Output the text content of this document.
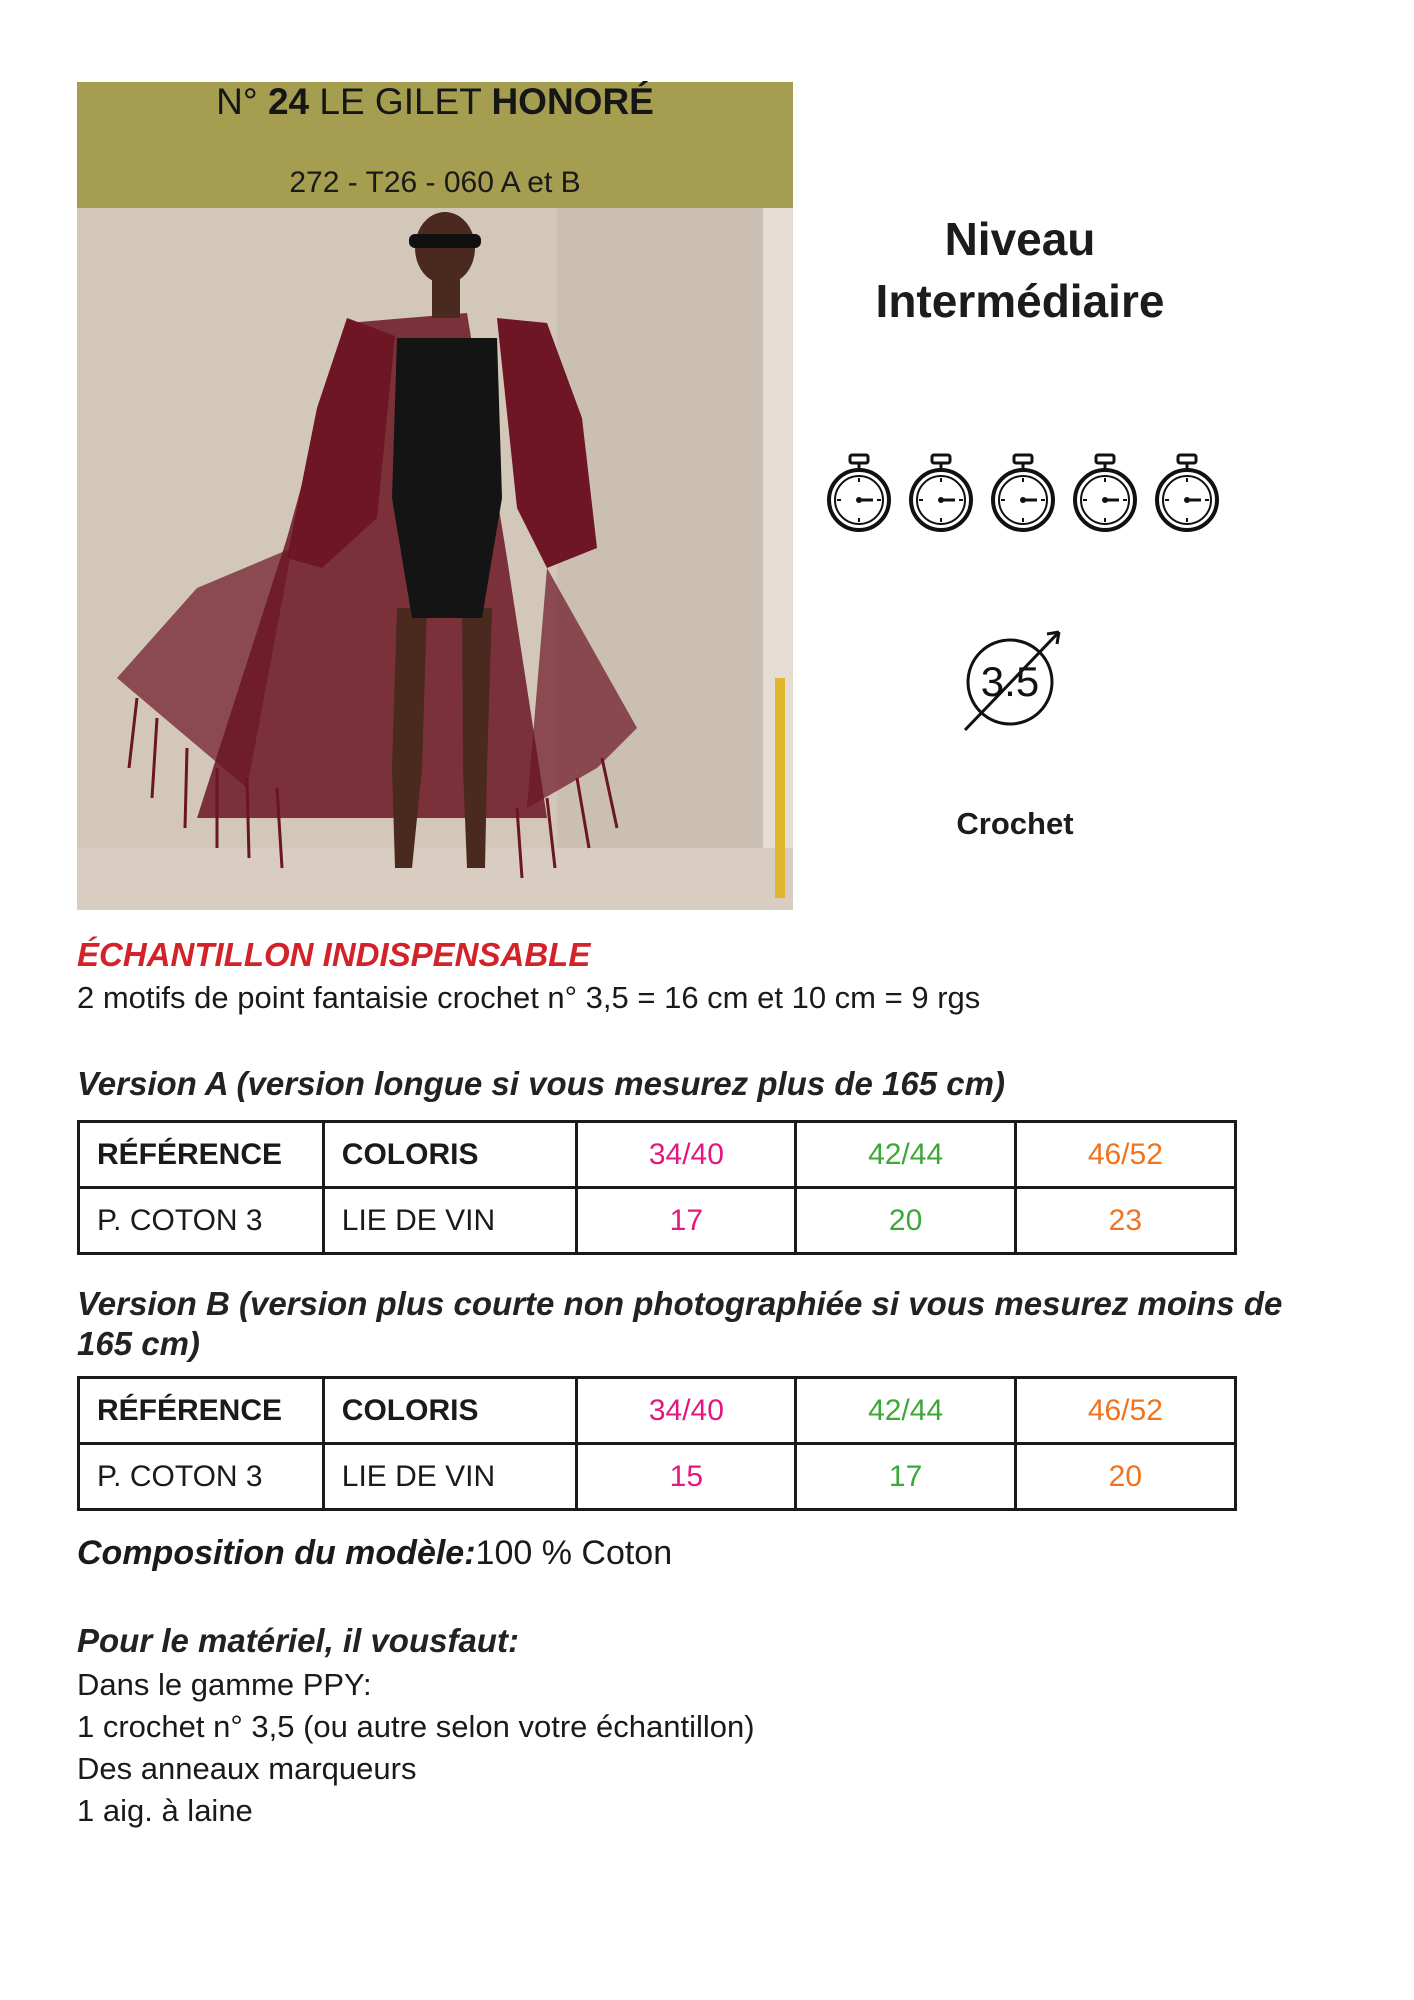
N° 24 LE GILET HONORÉ
272 - T26 - 060 A et B
Niveau
Intermédiaire
3.5
Crochet
ÉCHANTILLON INDISPENSABLE
2 motifs de point fantaisie crochet n° 3,5 = 16 cm et 10 cm = 9 rgs
Version A (version longue si vous mesurez plus de 165 cm)
RÉFÉRENCE	COLORIS	34/40	42/44	46/52
P. COTON 3	LIE DE VIN	17	20	23
Version B (version plus courte non photographiée si vous mesurez moins de 165 cm)
RÉFÉRENCE	COLORIS	34/40	42/44	46/52
P. COTON 3	LIE DE VIN	15	17	20
Composition du modèle:100 % Coton
Pour le matériel, il vousfaut:
Dans le gamme PPY:
1 crochet n° 3,5 (ou autre selon votre échantillon)
Des anneaux marqueurs
1 aig. à laine
